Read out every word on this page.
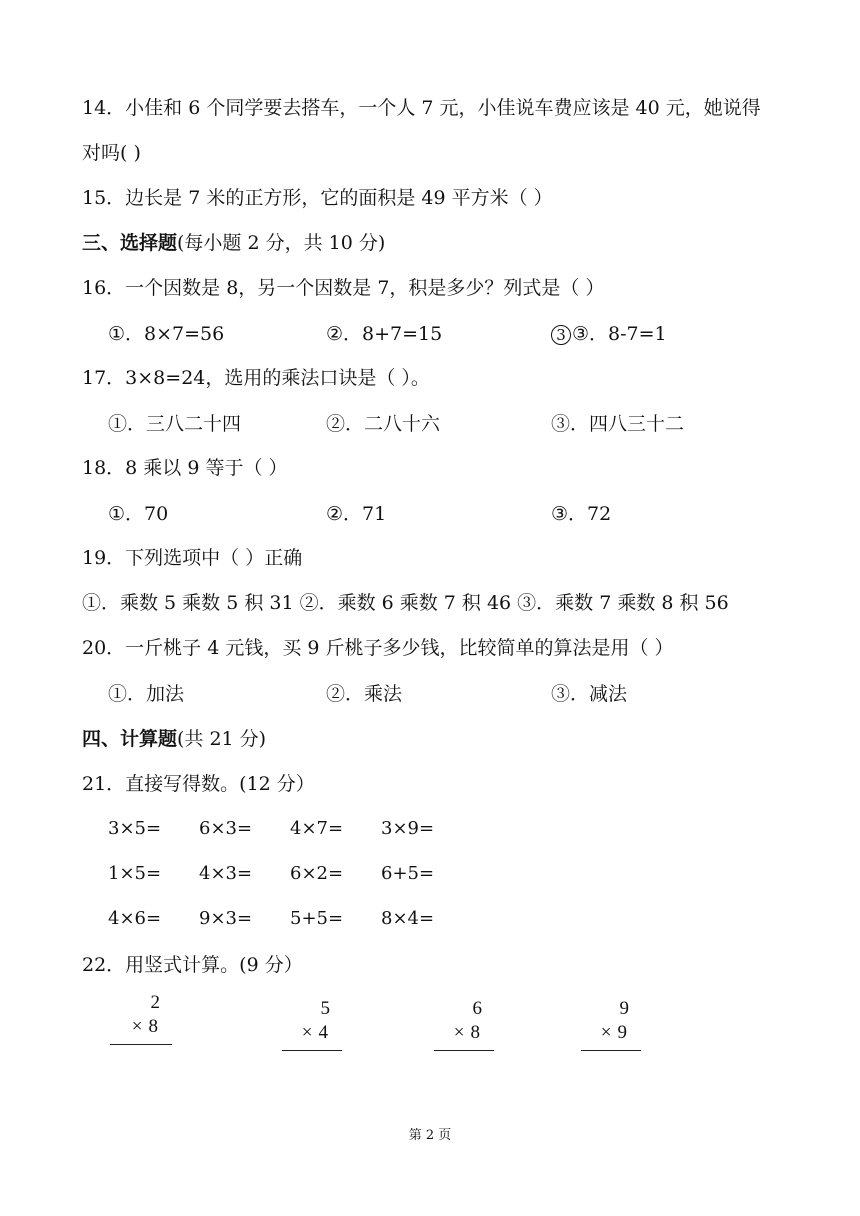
14．小佳和 6 个同学要去搭车，一个人 7 元，小佳说车费应该是 40 元，她说得
对吗( )
15．边长是 7 米的正方形，它的面积是 49 平方米（ ）
三、选择题(每小题 2 分，共 10 分)
16．一个因数是 8，另一个因数是 7，积是多少？列式是（ ）
①．8×7=56	②．8+7=15	3 ③．8-7=1
17．3×8=24，选用的乘法口诀是（ ）。
①．三八二十四	②．二八十六	③．四八三十二
18．8 乘以 9 等于（ ）
①．70	②．71	③．72
19．下列选项中（ ）正确
①．乘数 5 乘数 5 积 31 ②．乘数 6 乘数 7 积 46 ③．乘数 7 乘数 8 积 56
20．一斤桃子 4 元钱，买 9 斤桃子多少钱，比较简单的算法是用（ ）
①．加法	②．乘法	③．减法
四、计算题(共 21 分)
21．直接写得数。(12 分）
3×5= 6×3= 4×7= 3×9=
1×5= 4×3= 6×2= 6+5=
4×6= 9×3= 5+5= 8×4=
22．用竖式计算。(9 分）
2
×8
5
×4
6
×8
9
×9
第 2 页
